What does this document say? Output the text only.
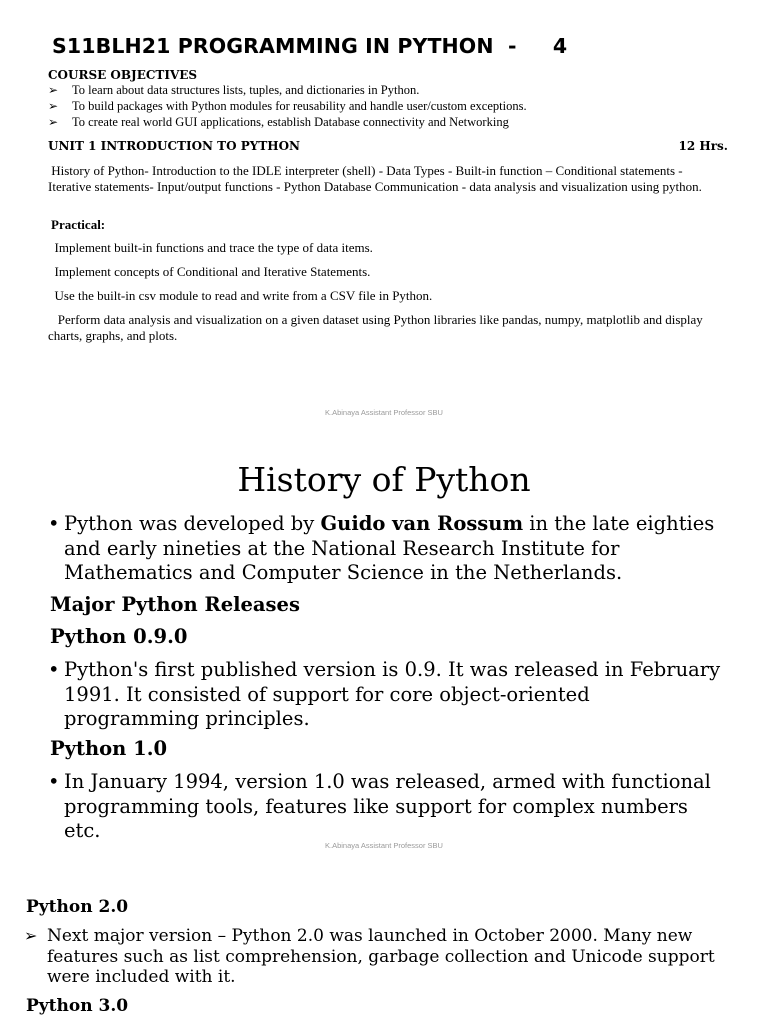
S11BLH21 PROGRAMMING IN PYTHON  -     4
COURSE OBJECTIVES
➢ To learn about data structures lists, tuples, and dictionaries in Python.
➢ To build packages with Python modules for reusability and handle user/custom exceptions.
➢ To create real world GUI applications, establish Database connectivity and Networking
UNIT 1 INTRODUCTION TO PYTHON	12 Hrs.
History of Python- Introduction to the IDLE interpreter (shell) - Data Types - Built-in function – Conditional statements - Iterative statements- Input/output functions - Python Database Communication - data analysis and visualization using python.
Practical:
Implement built-in functions and trace the type of data items.
Implement concepts of Conditional and Iterative Statements.
Use the built-in csv module to read and write from a CSV file in Python.
Perform data analysis and visualization on a given dataset using Python libraries like pandas, numpy, matplotlib and display charts, graphs, and plots.
K.Abinaya Assistant Professor SBU
History of Python
• Python was developed by Guido van Rossum in the late eighties and early nineties at the National Research Institute for Mathematics and Computer Science in the Netherlands.
Major Python Releases
Python 0.9.0
• Python's first published version is 0.9. It was released in February 1991. It consisted of support for core object-oriented programming principles.
Python 1.0
• In January 1994, version 1.0 was released, armed with functional programming tools, features like support for complex numbers etc.
K.Abinaya Assistant Professor SBU
Python 2.0
➢ Next major version – Python 2.0 was launched in October 2000. Many new features such as list comprehension, garbage collection and Unicode support were included with it.
Python 3.0
